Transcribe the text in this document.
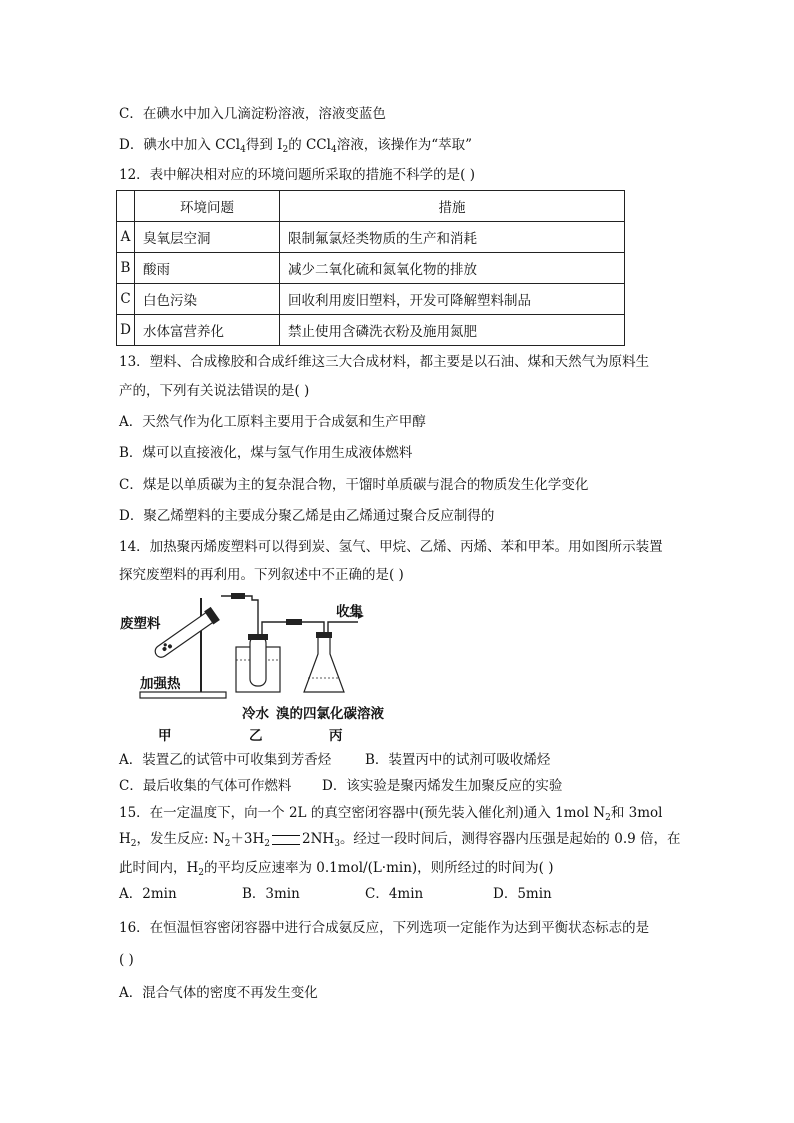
C．在碘水中加入几滴淀粉溶液，溶液变蓝色
D．碘水中加入 CCl$_4$得到 $I_2$的 CCl$_4$溶液，该操作为“萃取”
12．表中解决相对应的环境问题所采取的措施不科学的是( )
	环境问题	措施
A	臭氧层空洞	限制氟氯烃类物质的生产和消耗
B	酸雨	减少二氧化硫和氮氧化物的排放
C	白色污染	回收利用废旧塑料，开发可降解塑料制品
D	水体富营养化	禁止使用含磷洗衣粉及施用氮肥
13．塑料、合成橡胶和合成纤维这三大合成材料，都主要是以石油、煤和天然气为原料生
产的，下列有关说法错误的是( )
A．天然气作为化工原料主要用于合成氨和生产甲醇
B．煤可以直接液化，煤与氢气作用生成液体燃料
C．煤是以单质碳为主的复杂混合物，干馏时单质碳与混合的物质发生化学变化
D．聚乙烯塑料的主要成分聚乙烯是由乙烯通过聚合反应制得的
14．加热聚丙烯废塑料可以得到炭、氢气、甲烷、乙烯、丙烯、苯和甲苯。用如图所示装置
探究废塑料的再利用。下列叙述中不正确的是( )
废塑料
加强热
收集
冷水 溴的四氯化碳溶液
甲	乙	丙
A．装置乙的试管中可收集到芳香烃	B．装置丙中的试剂可吸收烯烃
C．最后收集的气体可作燃料 D．该实验是聚丙烯发生加聚反应的实验
15．在一定温度下，向一个 2L 的真空密闭容器中(预先装入催化剂)通入 1mol $N_2$和 3mol
$H_2$，发生反应: $N_2+3H_2$ $2NH_3$。经过一段时间后，测得容器内压强是起始的 0.9 倍，在
此时间内，$H_2$的平均反应速率为 0.1mol/(L·min)，则所经过的时间为( )
A．2min	B．3min	C．4min	D．5min
16．在恒温恒容密闭容器中进行合成氨反应，下列选项一定能作为达到平衡状态标志的是
( )
A．混合气体的密度不再发生变化
